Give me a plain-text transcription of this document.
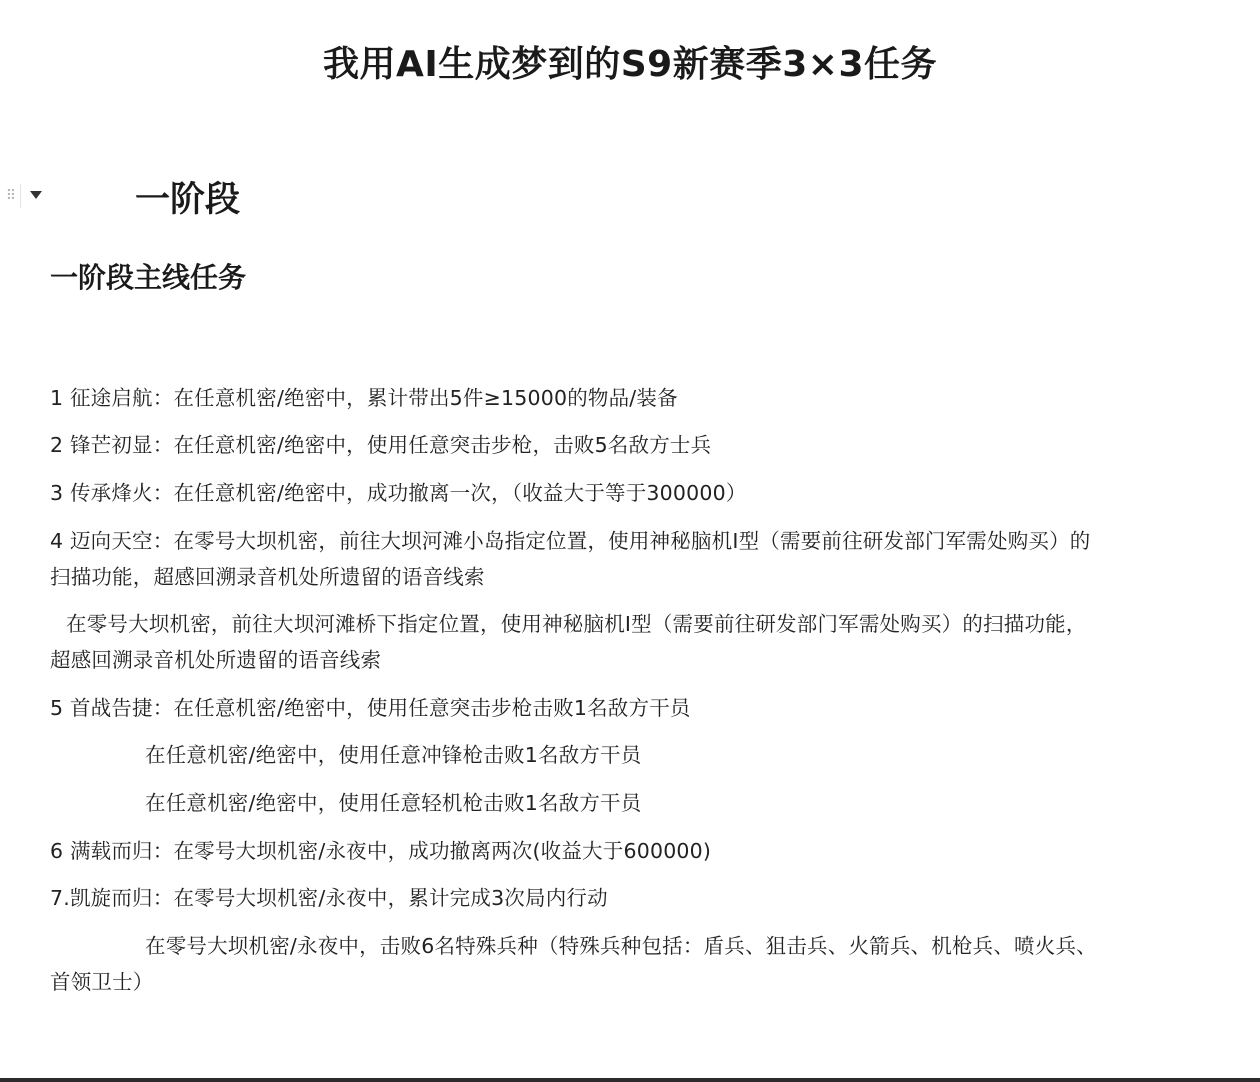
我用AI生成梦到的S9新赛季3×3任务
⠿	一阶段
一阶段主线任务
1 征途启航：在任意机密/绝密中，累计带出5件≥15000的物品/装备
2 锋芒初显：在任意机密/绝密中，使用任意突击步枪，击败5名敌方士兵
3 传承烽火：在任意机密/绝密中，成功撤离一次，（收益大于等于300000）
4 迈向天空：在零号大坝机密，前往大坝河滩小岛指定位置，使用神秘脑机I型（需要前往研发部门军需处购买）的
扫描功能，超感回溯录音机处所遗留的语音线索
在零号大坝机密，前往大坝河滩桥下指定位置，使用神秘脑机I型（需要前往研发部门军需处购买）的扫描功能，
超感回溯录音机处所遗留的语音线索
5 首战告捷：在任意机密/绝密中，使用任意突击步枪击败1名敌方干员
在任意机密/绝密中，使用任意冲锋枪击败1名敌方干员
在任意机密/绝密中，使用任意轻机枪击败1名敌方干员
6 满载而归：在零号大坝机密/永夜中，成功撤离两次(收益大于600000)
7.凯旋而归：在零号大坝机密/永夜中，累计完成3次局内行动
在零号大坝机密/永夜中，击败6名特殊兵种（特殊兵种包括：盾兵、狙击兵、火箭兵、机枪兵、喷火兵、
首领卫士）
